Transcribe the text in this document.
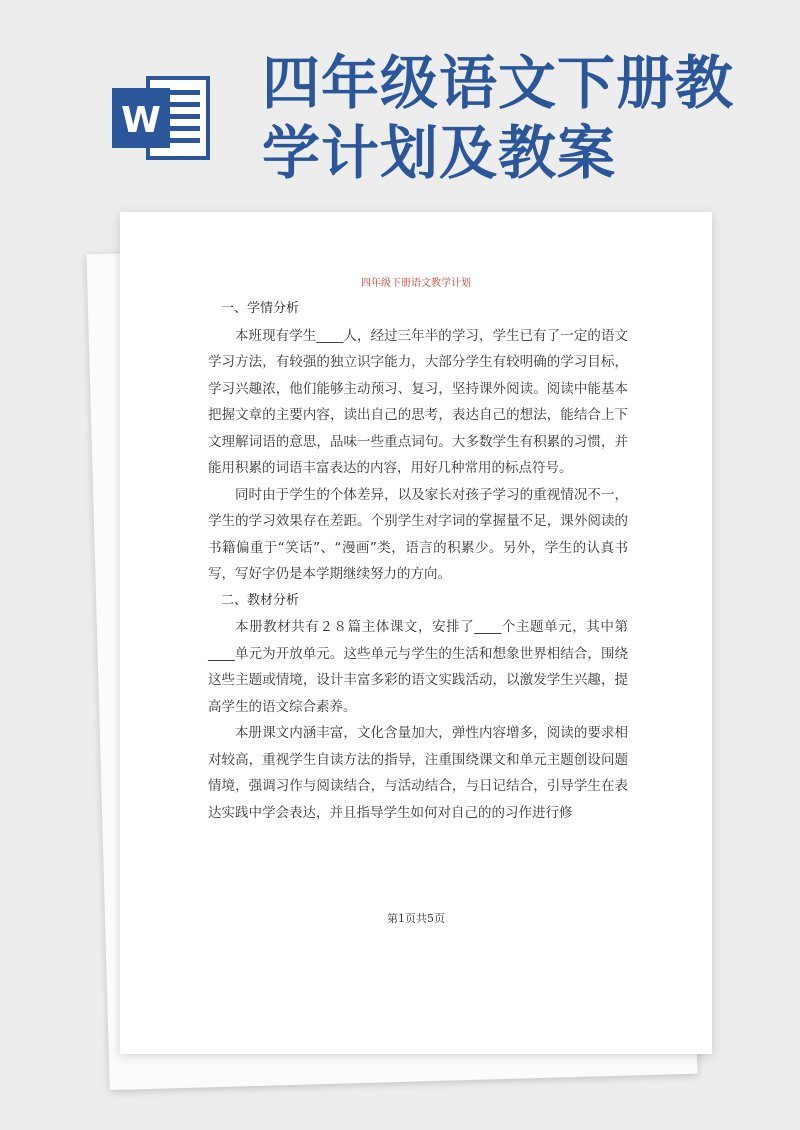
W
四年级语文下册教
学计划及教案
四年级下册语文教学计划

一、学情分析

本班现有学生____人，经过三年半的学习，学生已有了一定的语文学习方法，有较强的独立识字能力，大部分学生有较明确的学习目标，学习兴趣浓，他们能够主动预习、复习，坚持课外阅读。阅读中能基本把握文章的主要内容，读出自己的思考，表达自己的想法，能结合上下文理解词语的意思，品味一些重点词句。大多数学生有积累的习惯，并能用积累的词语丰富表达的内容，用好几种常用的标点符号。

同时由于学生的个体差异，以及家长对孩子学习的重视情况不一，学生的学习效果存在差距。个别学生对字词的掌握量不足，课外阅读的书籍偏重于“笑话”、“漫画”类，语言的积累少。另外，学生的认真书写，写好字仍是本学期继续努力的方向。

二、教材分析

本册教材共有２８篇主体课文，安排了____个主题单元，其中第____单元为开放单元。这些单元与学生的生活和想象世界相结合，围绕这些主题或情境，设计丰富多彩的语文实践活动，以激发学生兴趣，提高学生的语文综合素养。

本册课文内涵丰富，文化含量加大，弹性内容增多，阅读的要求相对较高，重视学生自读方法的指导，注重围绕课文和单元主题创设问题情境，强调习作与阅读结合，与活动结合，与日记结合，引导学生在表达实践中学会表达，并且指导学生如何对自己的的习作进行修

第1页共5页
